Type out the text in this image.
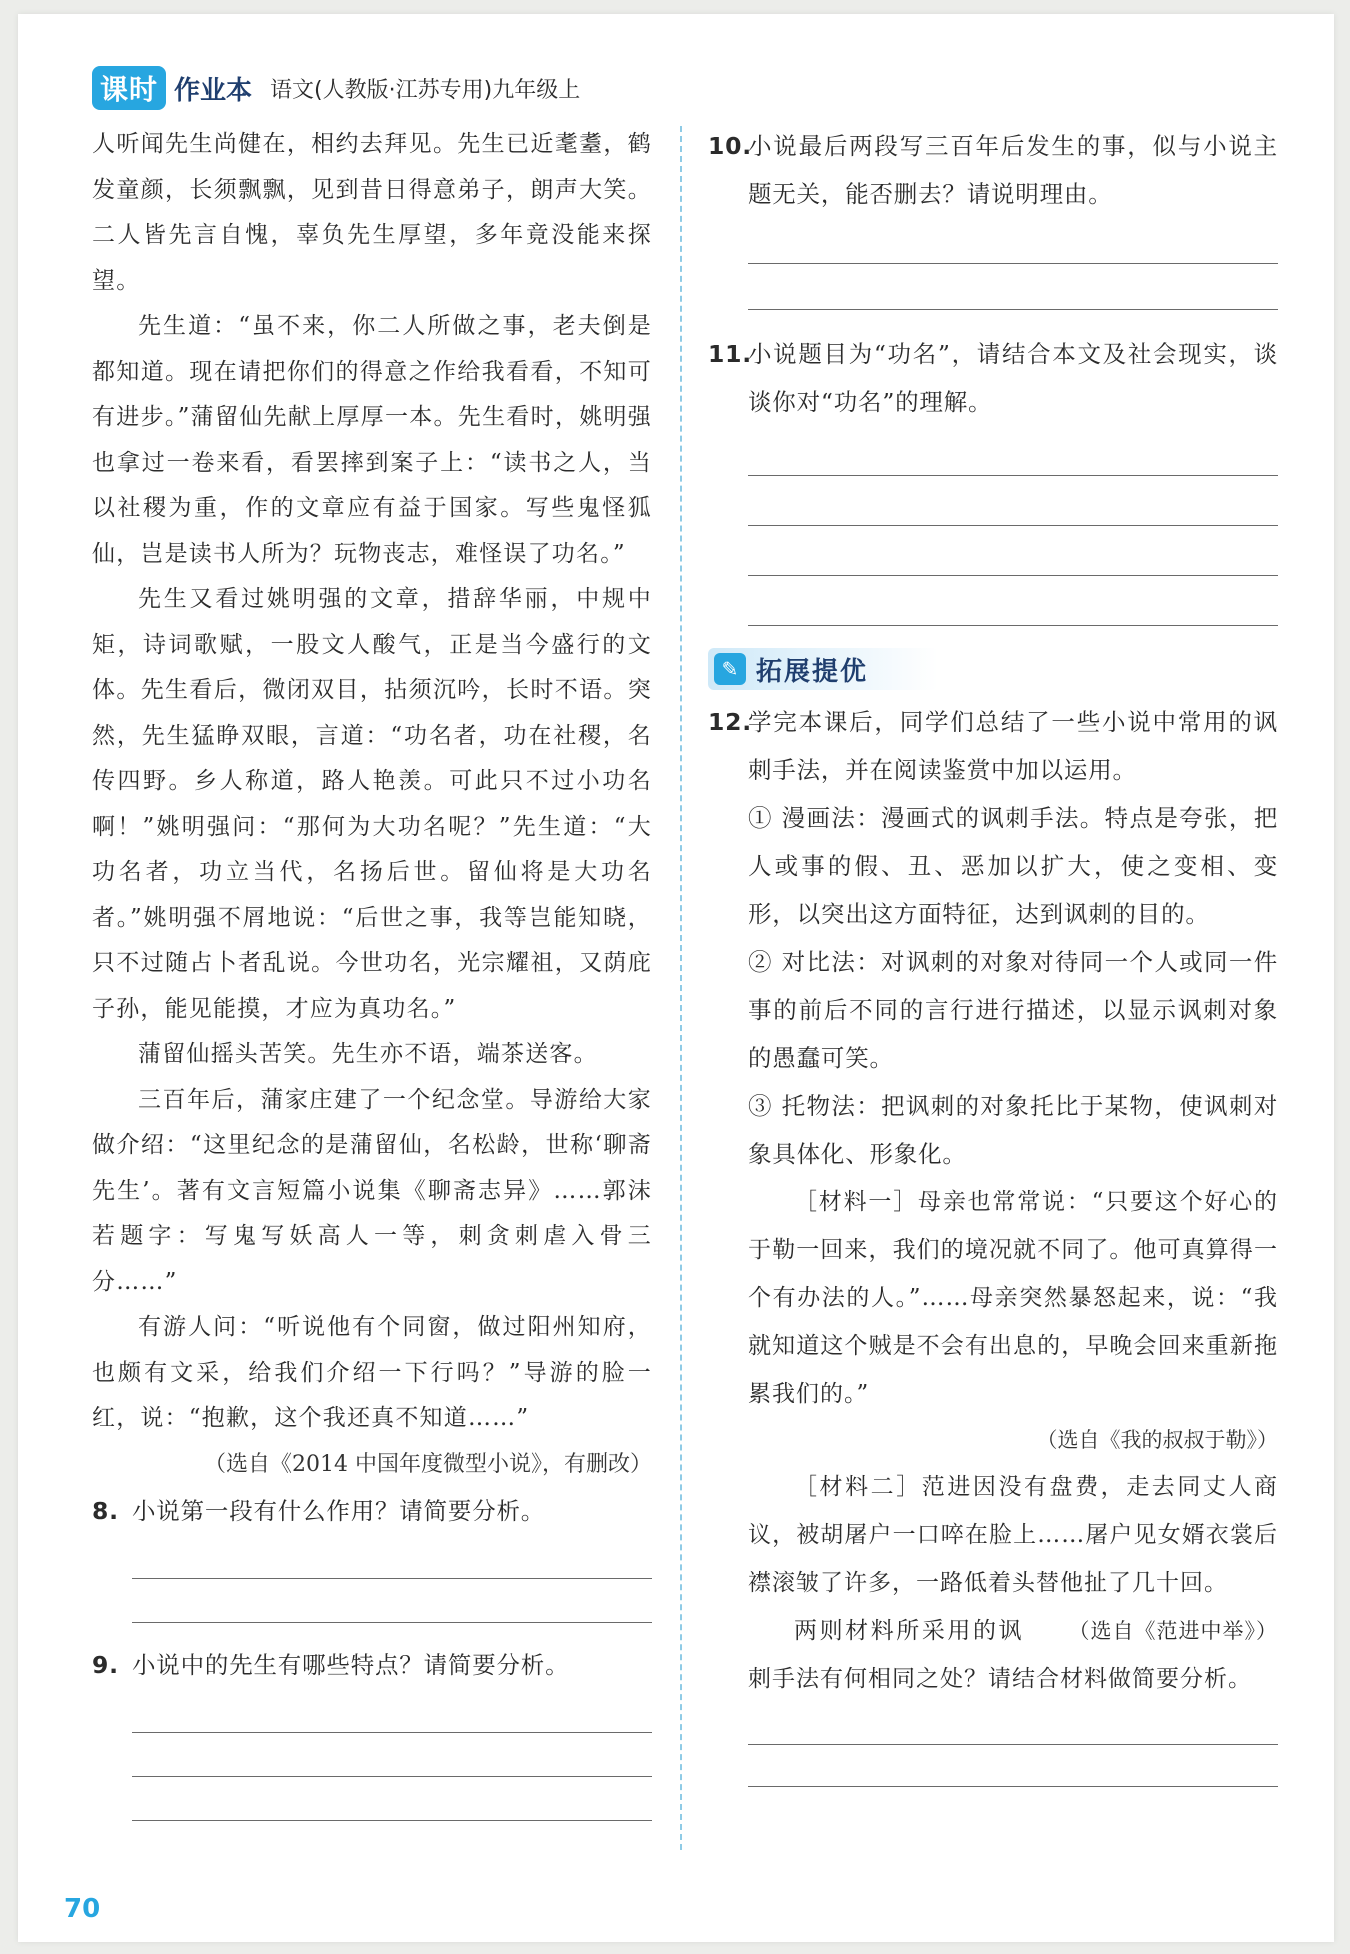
课时 作业本 语文(人教版·江苏专用)九年级上

人听闻先生尚健在，相约去拜见。先生已近耄耋，鹤发童颜，长须飘飘，见到昔日得意弟子，朗声大笑。二人皆先言自愧，辜负先生厚望，多年竟没能来探望。

先生道：“虽不来，你二人所做之事，老夫倒是都知道。现在请把你们的得意之作给我看看，不知可有进步。”蒲留仙先献上厚厚一本。先生看时，姚明强也拿过一卷来看，看罢摔到案子上：“读书之人，当以社稷为重，作的文章应有益于国家。写些鬼怪狐仙，岂是读书人所为？玩物丧志，难怪误了功名。”

先生又看过姚明强的文章，措辞华丽，中规中矩，诗词歌赋，一股文人酸气，正是当今盛行的文体。先生看后，微闭双目，拈须沉吟，长时不语。突然，先生猛睁双眼，言道：“功名者，功在社稷，名传四野。乡人称道，路人艳羡。可此只不过小功名啊！”姚明强问：“那何为大功名呢？”先生道：“大功名者，功立当代，名扬后世。留仙将是大功名者。”姚明强不屑地说：“后世之事，我等岂能知晓，只不过随占卜者乱说。今世功名，光宗耀祖，又荫庇子孙，能见能摸，才应为真功名。”

蒲留仙摇头苦笑。先生亦不语，端茶送客。

三百年后，蒲家庄建了一个纪念堂。导游给大家做介绍：“这里纪念的是蒲留仙，名松龄，世称‘聊斋先生’。著有文言短篇小说集《聊斋志异》……郭沫若题字：写鬼写妖高人一等，刺贪刺虐入骨三分……”

有游人问：“听说他有个同窗，做过阳州知府，也颇有文采，给我们介绍一下行吗？”导游的脸一红，说：“抱歉，这个我还真不知道……”

（选自《2014 中国年度微型小说》，有删改）

8. 小说第一段有什么作用？请简要分析。
9. 小说中的先生有哪些特点？请简要分析。
10.
小说最后两段写三百年后发生的事，似与小说主题无关，能否删去？请说明理由。
11.
小说题目为“功名”，请结合本文及社会现实，谈谈你对“功名”的理解。
✎ 拓展提优
12.
学完本课后，同学们总结了一些小说中常用的讽刺手法，并在阅读鉴赏中加以运用。

① 漫画法：漫画式的讽刺手法。特点是夸张，把人或事的假、丑、恶加以扩大，使之变相、变形，以突出这方面特征，达到讽刺的目的。

② 对比法：对讽刺的对象对待同一个人或同一件事的前后不同的言行进行描述，以显示讽刺对象的愚蠢可笑。

③ 托物法：把讽刺的对象托比于某物，使讽刺对象具体化、形象化。

［材料一］母亲也常常说：“只要这个好心的于勒一回来，我们的境况就不同了。他可真算得一个有办法的人。”……母亲突然暴怒起来，说：“我就知道这个贼是不会有出息的，早晚会回来重新拖累我们的。”

（选自《我的叔叔于勒》）

［材料二］范进因没有盘费，走去同丈人商议，被胡屠户一口啐在脸上……屠户见女婿衣裳后襟滚皱了许多，一路低着头替他扯了几十回。
（选自《范进中举》）

两则材料所采用的讽刺手法有何相同之处？请结合材料做简要分析。

70
